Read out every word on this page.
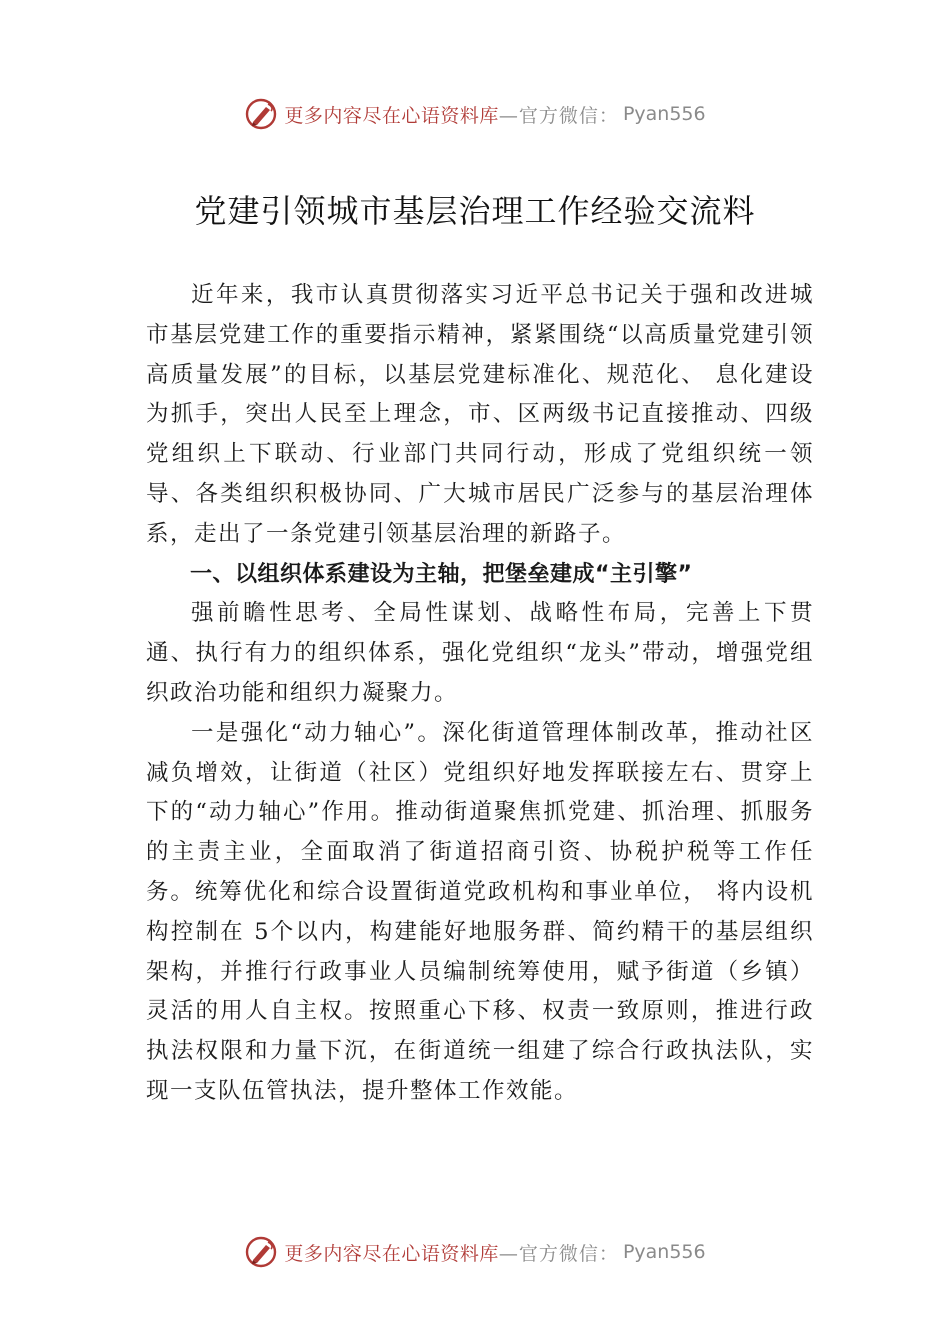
更多内容尽在心语资料库 —官方微信： Pyan556
党建引领城市基层治理工作经验交流料

近年来，我市认真贯彻落实习近平总书记关于强和改进城市基层党建工作的重要指示精神，紧紧围绕“以高质量党建引领高质量发展”的目标，以基层党建标准化、规范化、 息化建设为抓手，突出人民至上理念，市、区两级书记直接推动、四级党组织上下联动、行业部门共同行动，形成了党组织统一领导、各类组织积极协同、广大城市居民广泛参与的基层治理体系，走出了一条党建引领基层治理的新路子。

一、以组织体系建设为主轴，把堡垒建成“主引擎”

强前瞻性思考、全局性谋划、战略性布局，完善上下贯通、执行有力的组织体系，强化党组织“龙头”带动，增强党组织政治功能和组织力凝聚力。

一是强化“动力轴心”。深化街道管理体制改革，推动社区减负增效，让街道（社区）党组织好地发挥联接左右、贯穿上下的“动力轴心”作用。推动街道聚焦抓党建、抓治理、抓服务的主责主业，全面取消了街道招商引资、协税护税等工作任务。统筹优化和综合设置街道党政机构和事业单位， 将内设机构控制在 5个以内，构建能好地服务群、简约精干的基层组织架构，并推行行政事业人员编制统筹使用，赋予街道（乡镇）灵活的用人自主权。按照重心下移、权责一致原则，推进行政执法权限和力量下沉，在街道统一组建了综合行政执法队，实现一支队伍管执法，提升整体工作效能。

更多内容尽在心语资料库 —官方微信： Pyan556
